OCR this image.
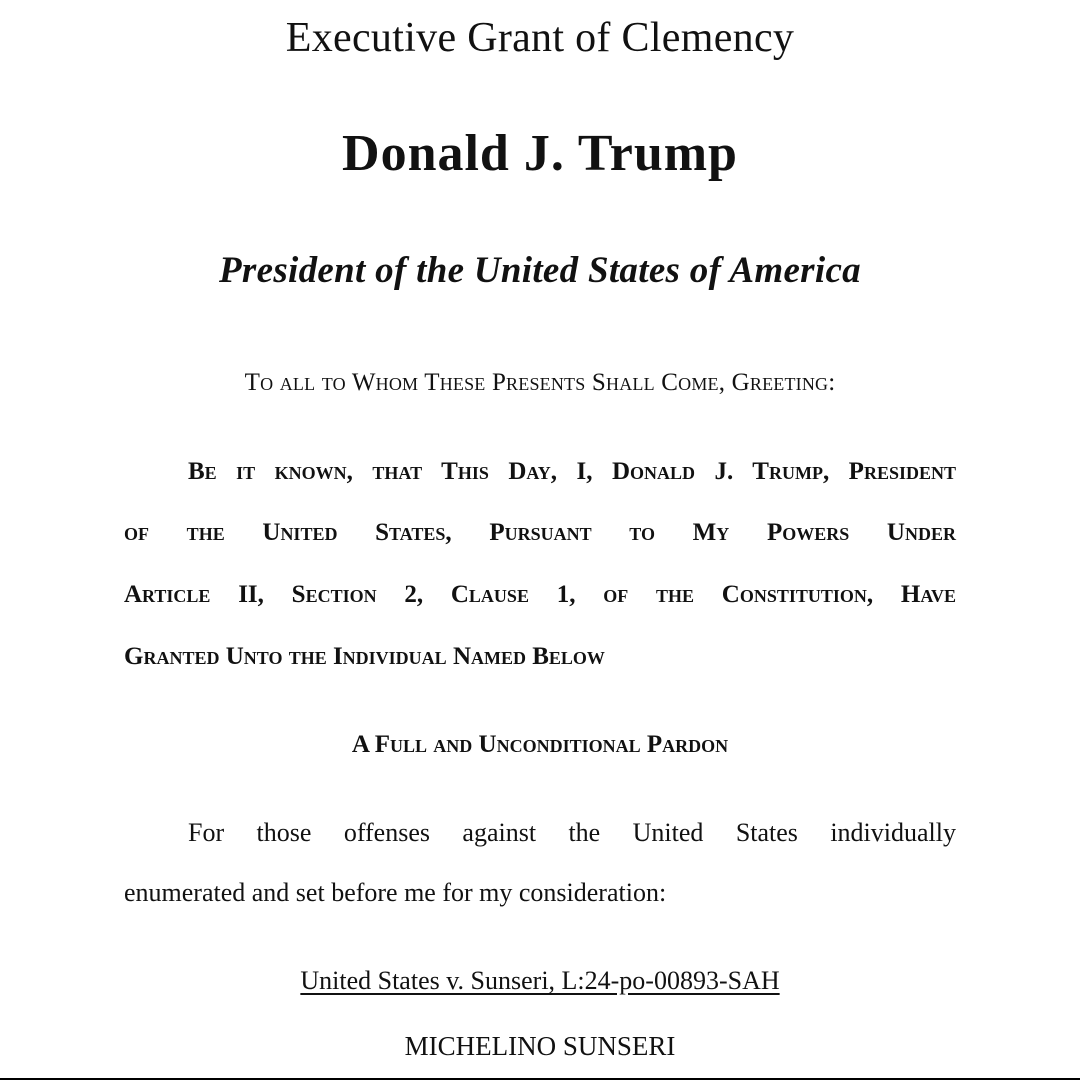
Executive Grant of Clemency
Donald J. Trump
President of the United States of America
To all to Whom These Presents Shall Come, Greeting:
Be it known, that This Day, I, Donald J. Trump, President
of the United States, Pursuant to My Powers Under
Article II, Section 2, Clause 1, of the Constitution, Have
Granted Unto the Individual Named Below
A Full and Unconditional Pardon
For those offenses against the United States individually
enumerated and set before me for my consideration:
United States v. Sunseri, L:24-po-00893-SAH
MICHELINO SUNSERI
